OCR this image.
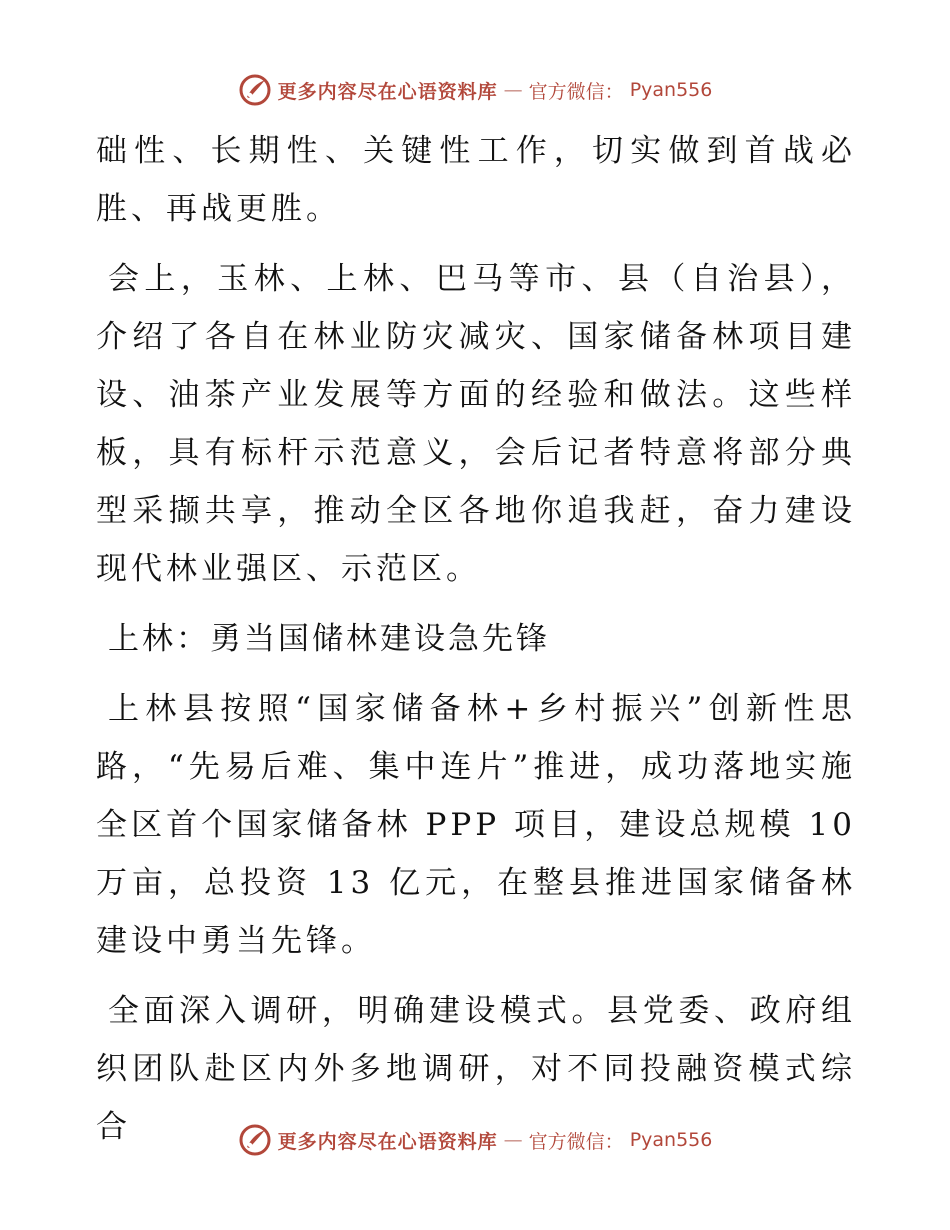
更多内容尽在心语资料库 — 官方微信： Pyan556

础性、长期性、关键性工作，切实做到首战必胜、再战更胜。

会上，玉林、上林、巴马等市、县（自治县），介绍了各自在林业防灾减灾、国家储备林项目建设、油茶产业发展等方面的经验和做法。这些样板，具有标杆示范意义，会后记者特意将部分典型采撷共享，推动全区各地你追我赶，奋力建设现代林业强区、示范区。

上林：勇当国储林建设急先锋

上林县按照“国家储备林+乡村振兴”创新性思路，“先易后难、集中连片”推进，成功落地实施全区首个国家储备林 PPP 项目，建设总规模 10 万亩，总投资 13 亿元，在整县推进国家储备林建设中勇当先锋。

全面深入调研，明确建设模式。县党委、政府组织团队赴区内外多地调研，对不同投融资模式综合	更多内容尽在心语资料库 — 官方微信： Pyan556
